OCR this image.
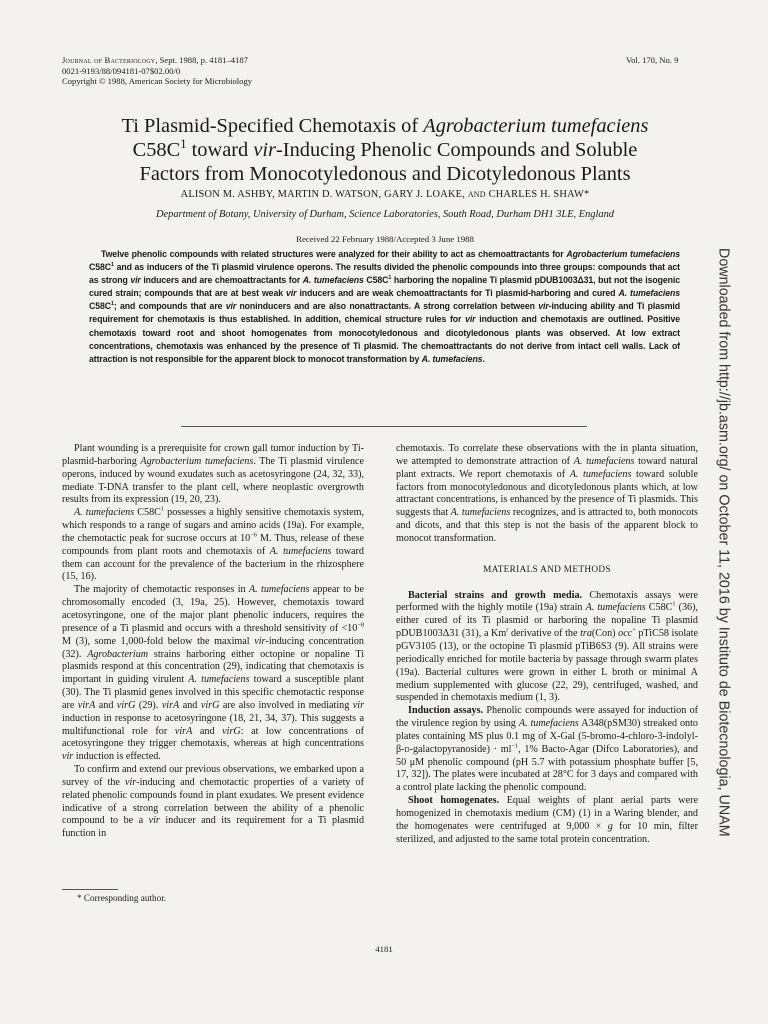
Journal of Bacteriology, Sept. 1988, p. 4181–4187
0021-9193/88/094181-07$02.00/0
Copyright © 1988, American Society for Microbiology
Vol. 170, No. 9
Ti Plasmid-Specified Chemotaxis of Agrobacterium tumefaciens
$C58C^1$ toward vir-Inducing Phenolic Compounds and Soluble
Factors from Monocotyledonous and Dicotyledonous Plants
ALISON M. ASHBY, MARTIN D. WATSON, GARY J. LOAKE, AND CHARLES H. SHAW*
Department of Botany, University of Durham, Science Laboratories, South Road, Durham DH1 3LE, England
Received 22 February 1988/Accepted 3 June 1988

Twelve phenolic compounds with related structures were analyzed for their ability to act as chemoattractants for Agrobacterium tumefaciens $C58C^1$ and as inducers of the Ti plasmid virulence operons. The results divided the phenolic compounds into three groups: compounds that act as strong vir inducers and are chemoattractants for A. tumefaciens $C58C^1$ harboring the nopaline Ti plasmid pDUB1003Δ31, but not the isogenic cured strain; compounds that are at best weak vir inducers and are weak chemoattractants for Ti plasmid-harboring and cured A. tumefaciens $C58C^1$; and compounds that are vir noninducers and are also nonattractants. A strong correlation between vir-inducing ability and Ti plasmid requirement for chemotaxis is thus established. In addition, chemical structure rules for vir induction and chemotaxis are outlined. Positive chemotaxis toward root and shoot homogenates from monocotyledonous and dicotyledonous plants was observed. At low extract concentrations, chemotaxis was enhanced by the presence of Ti plasmid. The chemoattractants do not derive from intact cell walls. Lack of attraction is not responsible for the apparent block to monocot transformation by A. tumefaciens.

Plant wounding is a prerequisite for crown gall tumor induction by Ti-plasmid-harboring Agrobacterium tumefaciens. The Ti plasmid virulence operons, induced by wound exudates such as acetosyringone (24, 32, 33), mediate T-DNA transfer to the plant cell, where neoplastic overgrowth results from its expression (19, 20, 23).

A. tumefaciens $C58C^1$ possesses a highly sensitive chemotaxis system, which responds to a range of sugars and amino acids (19a). For example, the chemotactic peak for sucrose occurs at $10^{-6}$ M. Thus, release of these compounds from plant roots and chemotaxis of A. tumefaciens toward them can account for the prevalence of the bacterium in the rhizosphere (15, 16).

The majority of chemotactic responses in A. tumefaciens appear to be chromosomally encoded (3, 19a, 25). However, chemotaxis toward acetosyringone, one of the major plant phenolic inducers, requires the presence of a Ti plasmid and occurs with a threshold sensitivity of $<10^{-8}$ M (3), some 1,000-fold below the maximal vir-inducing concentration (32). Agrobacterium strains harboring either octopine or nopaline Ti plasmids respond at this concentration (29), indicating that chemotaxis is important in guiding virulent A. tumefaciens toward a susceptible plant (30). The Ti plasmid genes involved in this specific chemotactic response are virA and virG (29). virA and virG are also involved in mediating vir induction in response to acetosyringone (18, 21, 34, 37). This suggests a multifunctional role for virA and virG: at low concentrations of acetosyringone they trigger chemotaxis, whereas at high concentrations vir induction is effected.

To confirm and extend our previous observations, we embarked upon a survey of the vir-inducing and chemotactic properties of a variety of related phenolic compounds found in plant exudates. We present evidence indicative of a strong correlation between the ability of a phenolic compound to be a vir inducer and its requirement for a Ti plasmid function in

chemotaxis. To correlate these observations with the in planta situation, we attempted to demonstrate attraction of A. tumefaciens toward natural plant extracts. We report chemotaxis of A. tumefaciens toward soluble factors from monocotyledonous and dicotyledonous plants which, at low attractant concentrations, is enhanced by the presence of Ti plasmids. This suggests that A. tumefaciens recognizes, and is attracted to, both monocots and dicots, and that this step is not the basis of the apparent block to monocot transformation.

MATERIALS AND METHODS

Bacterial strains and growth media. Chemotaxis assays were performed with the highly motile (19a) strain A. tumefaciens $C58C^1$ (36), either cured of its Ti plasmid or harboring the nopaline Ti plasmid pDUB1003Δ31 (31), a Km$^r$ derivative of the tra(Con) occ+ pTiC58 isolate pGV3105 (13), or the octopine Ti plasmid pTiB6S3 (9). All strains were periodically enriched for motile bacteria by passage through swarm plates (19a). Bacterial cultures were grown in either L broth or minimal A medium supplemented with glucose (22, 29), centrifuged, washed, and suspended in chemotaxis medium (1, 3).

Induction assays. Phenolic compounds were assayed for induction of the virulence region by using A. tumefaciens A348(pSM30) streaked onto plates containing MS plus 0.1 mg of X-Gal (5-bromo-4-chloro-3-indolyl-β-d-galactopyranoside) · $ml^{-1}$, 1% Bacto-Agar (Difco Laboratories), and 50 μM phenolic compound (pH 5.7 with potassium phosphate buffer [5, 17, 32]). The plates were incubated at 28°C for 3 days and compared with a control plate lacking the phenolic compound.

Shoot homogenates. Equal weights of plant aerial parts were homogenized in chemotaxis medium (CM) (1) in a Waring blender, and the homogenates were centrifuged at 9,000 × g for 10 min, filter sterilized, and adjusted to the same total protein concentration.

* Corresponding author.
4181
Downloaded from http://jb.asm.org/ on October 11, 2016 by Instituto de Biotecnologia, UNAM
